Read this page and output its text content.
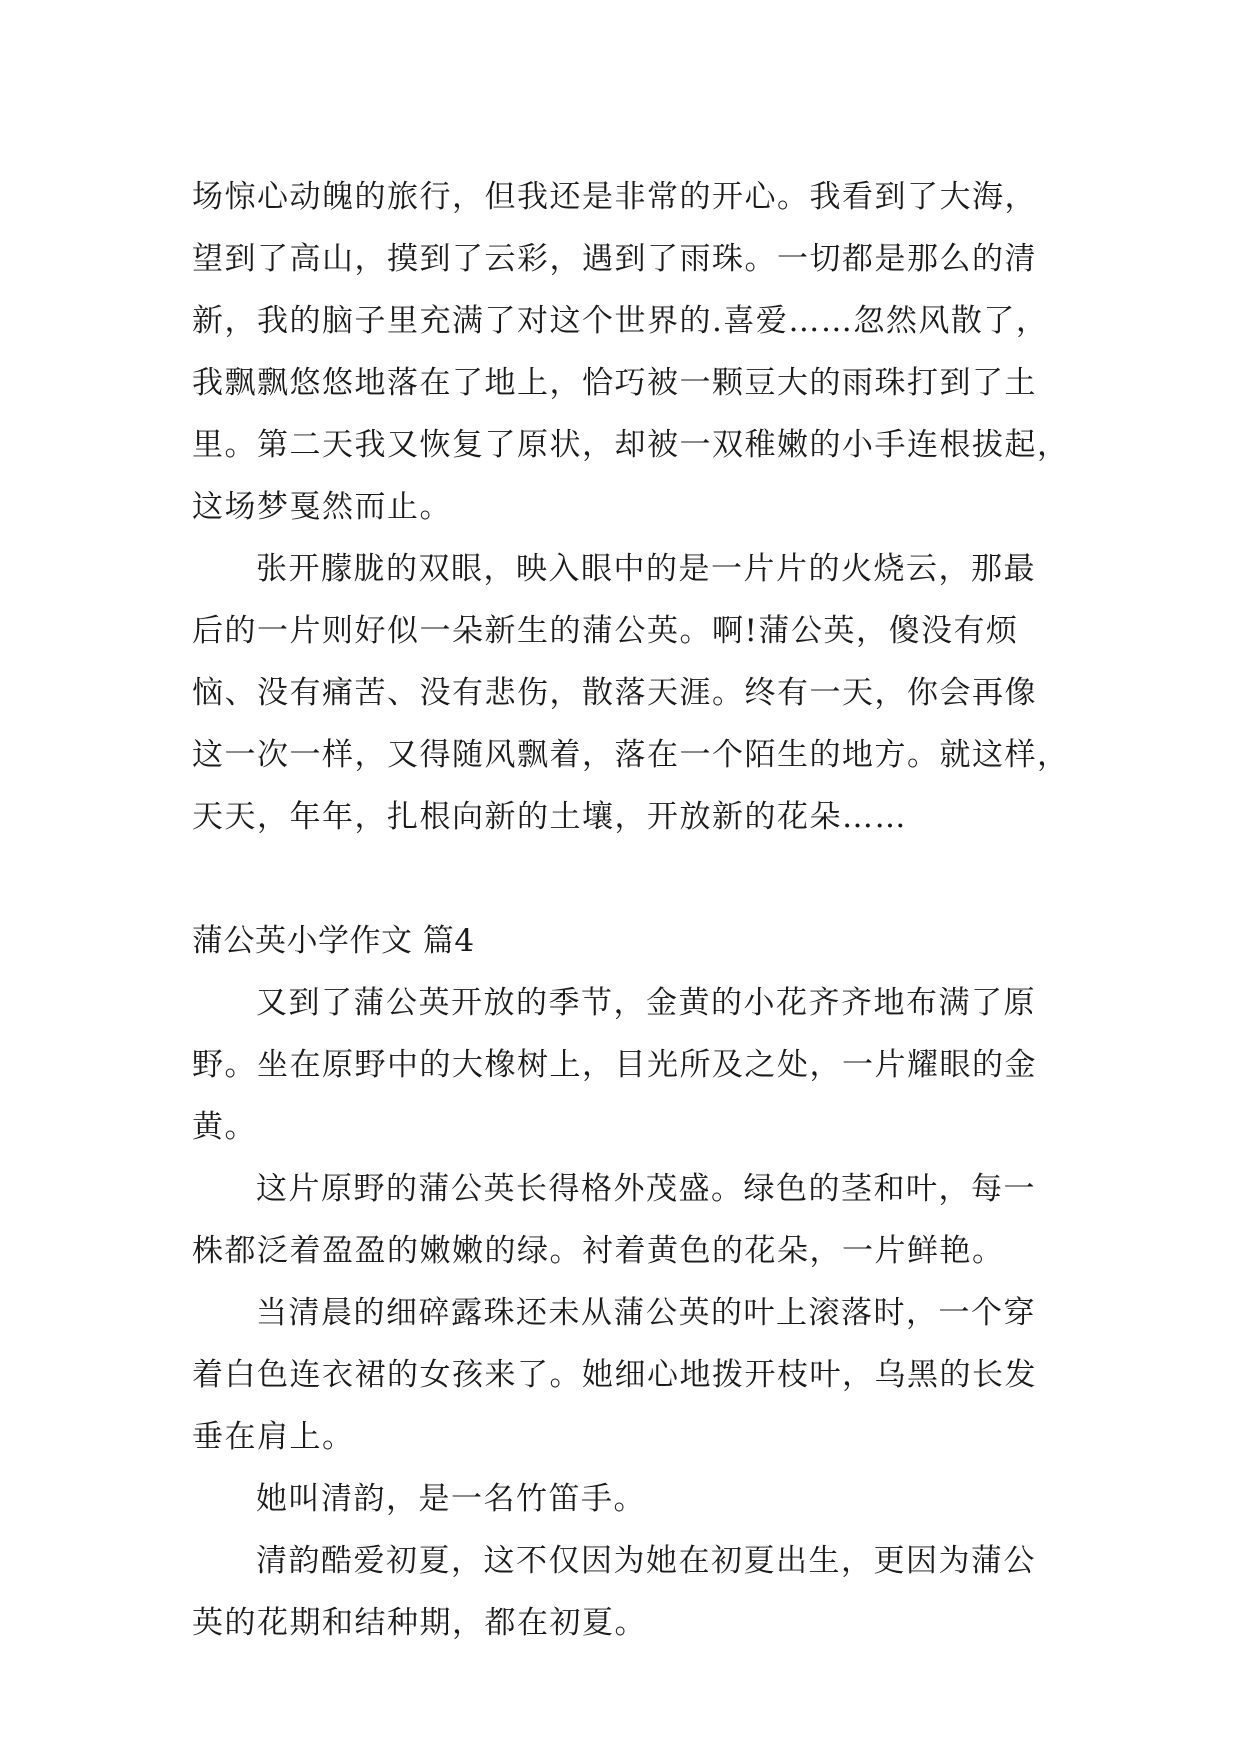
场惊心动魄的旅行，但我还是非常的开心。我看到了大海，
望到了高山，摸到了云彩，遇到了雨珠。一切都是那么的清
新，我的脑子里充满了对这个世界的.喜爱……忽然风散了，
我飘飘悠悠地落在了地上，恰巧被一颗豆大的雨珠打到了土
里。第二天我又恢复了原状，却被一双稚嫩的小手连根拔起，
这场梦戛然而止。
张开朦胧的双眼，映入眼中的是一片片的火烧云，那最
后的一片则好似一朵新生的蒲公英。啊!蒲公英，傻没有烦
恼、没有痛苦、没有悲伤，散落天涯。终有一天，你会再像
这一次一样，又得随风飘着，落在一个陌生的地方。就这样，
天天，年年，扎根向新的土壤，开放新的花朵……
蒲公英小学作文 篇4
又到了蒲公英开放的季节，金黄的小花齐齐地布满了原
野。坐在原野中的大橡树上，目光所及之处，一片耀眼的金
黄。
这片原野的蒲公英长得格外茂盛。绿色的茎和叶，每一
株都泛着盈盈的嫩嫩的绿。衬着黄色的花朵，一片鲜艳。
当清晨的细碎露珠还未从蒲公英的叶上滚落时，一个穿
着白色连衣裙的女孩来了。她细心地拨开枝叶，乌黑的长发
垂在肩上。
她叫清韵，是一名竹笛手。
清韵酷爱初夏，这不仅因为她在初夏出生，更因为蒲公
英的花期和结种期，都在初夏。
